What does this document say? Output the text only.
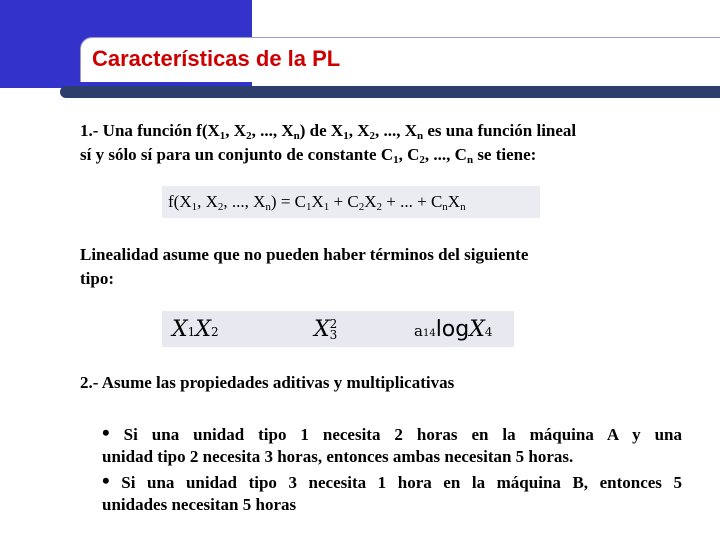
Características de la PL
1.- Una función $f(X_1$, $X_2$, ..., $X_n$) de $X_1$, $X_2$, ..., $X_n$ es una función lineal
sí y sólo sí para un conjunto de constante $C_1$, $C_2$, ..., $C_n$ se tiene:
$f(X_1$, $X_2$, ..., $X_n) = C_1X_1 + C_2X_2$ + ... + $C_nX_n$
Linealidad asume que no pueden haber términos del siguiente
tipo:
X1X2	X 2
3	a14logX4
2.- Asume las propiedades aditivas y multiplicativas
• Si una unidad tipo 1 necesita 2 horas en la máquina A y una
unidad tipo 2 necesita 3 horas, entonces ambas necesitan 5 horas.
• Si una unidad tipo 3 necesita 1 hora en la máquina B, entonces 5
unidades necesitan 5 horas
